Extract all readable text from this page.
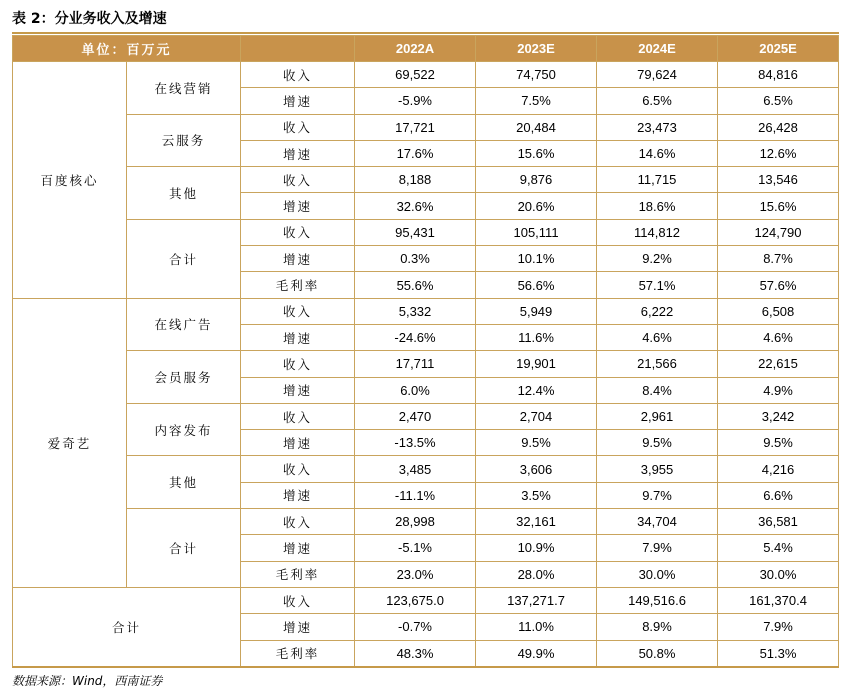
表 2：分业务收入及增速
单位：百万元			2022A	2023E	2024E	2025E
百度核心	在线营销	收入	69,522	74,750	79,624	84,816
		增速	-5.9%	7.5%	6.5%	6.5%
	云服务	收入	17,721	20,484	23,473	26,428
		增速	17.6%	15.6%	14.6%	12.6%
	其他	收入	8,188	9,876	11,715	13,546
		增速	32.6%	20.6%	18.6%	15.6%
	合计	收入	95,431	105,111	114,812	124,790
		增速	0.3%	10.1%	9.2%	8.7%
		毛利率	55.6%	56.6%	57.1%	57.6%
爱奇艺	在线广告	收入	5,332	5,949	6,222	6,508
		增速	-24.6%	11.6%	4.6%	4.6%
	会员服务	收入	17,711	19,901	21,566	22,615
		增速	6.0%	12.4%	8.4%	4.9%
	内容发布	收入	2,470	2,704	2,961	3,242
		增速	-13.5%	9.5%	9.5%	9.5%
	其他	收入	3,485	3,606	3,955	4,216
		增速	-11.1%	3.5%	9.7%	6.6%
	合计	收入	28,998	32,161	34,704	36,581
		增速	-5.1%	10.9%	7.9%	5.4%
		毛利率	23.0%	28.0%	30.0%	30.0%
合计		收入	123,675.0	137,271.7	149,516.6	161,370.4
		增速	-0.7%	11.0%	8.9%	7.9%
		毛利率	48.3%	49.9%	50.8%	51.3%
数据来源：Wind，西南证券
